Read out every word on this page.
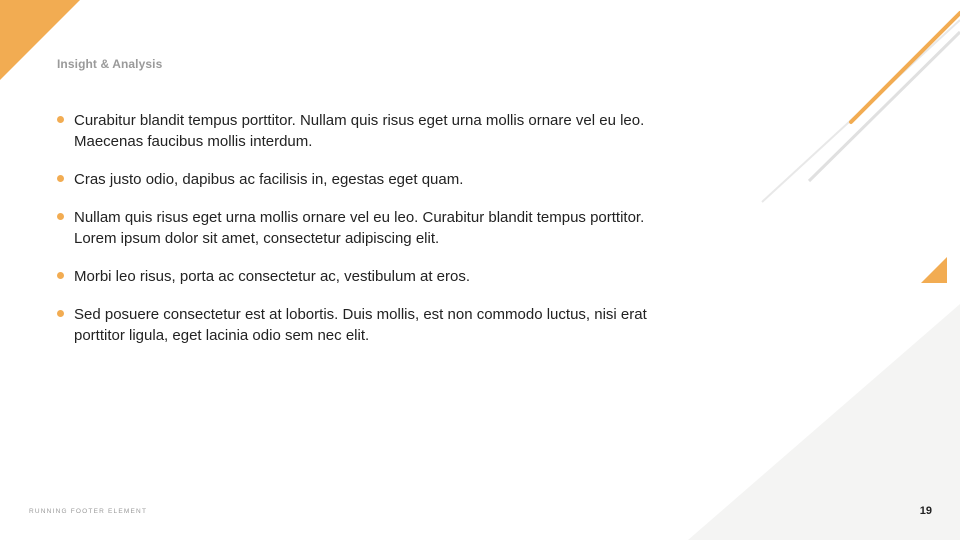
Insight & Analysis
Curabitur blandit tempus porttitor. Nullam quis risus eget urna mollis ornare vel eu leo. Maecenas faucibus mollis interdum.
Cras justo odio, dapibus ac facilisis in, egestas eget quam.
Nullam quis risus eget urna mollis ornare vel eu leo. Curabitur blandit tempus porttitor. Lorem ipsum dolor sit amet, consectetur adipiscing elit.
Morbi leo risus, porta ac consectetur ac, vestibulum at eros.
Sed posuere consectetur est at lobortis. Duis mollis, est non commodo luctus, nisi erat porttitor ligula, eget lacinia odio sem nec elit.
RUNNING FOOTER ELEMENT	19
